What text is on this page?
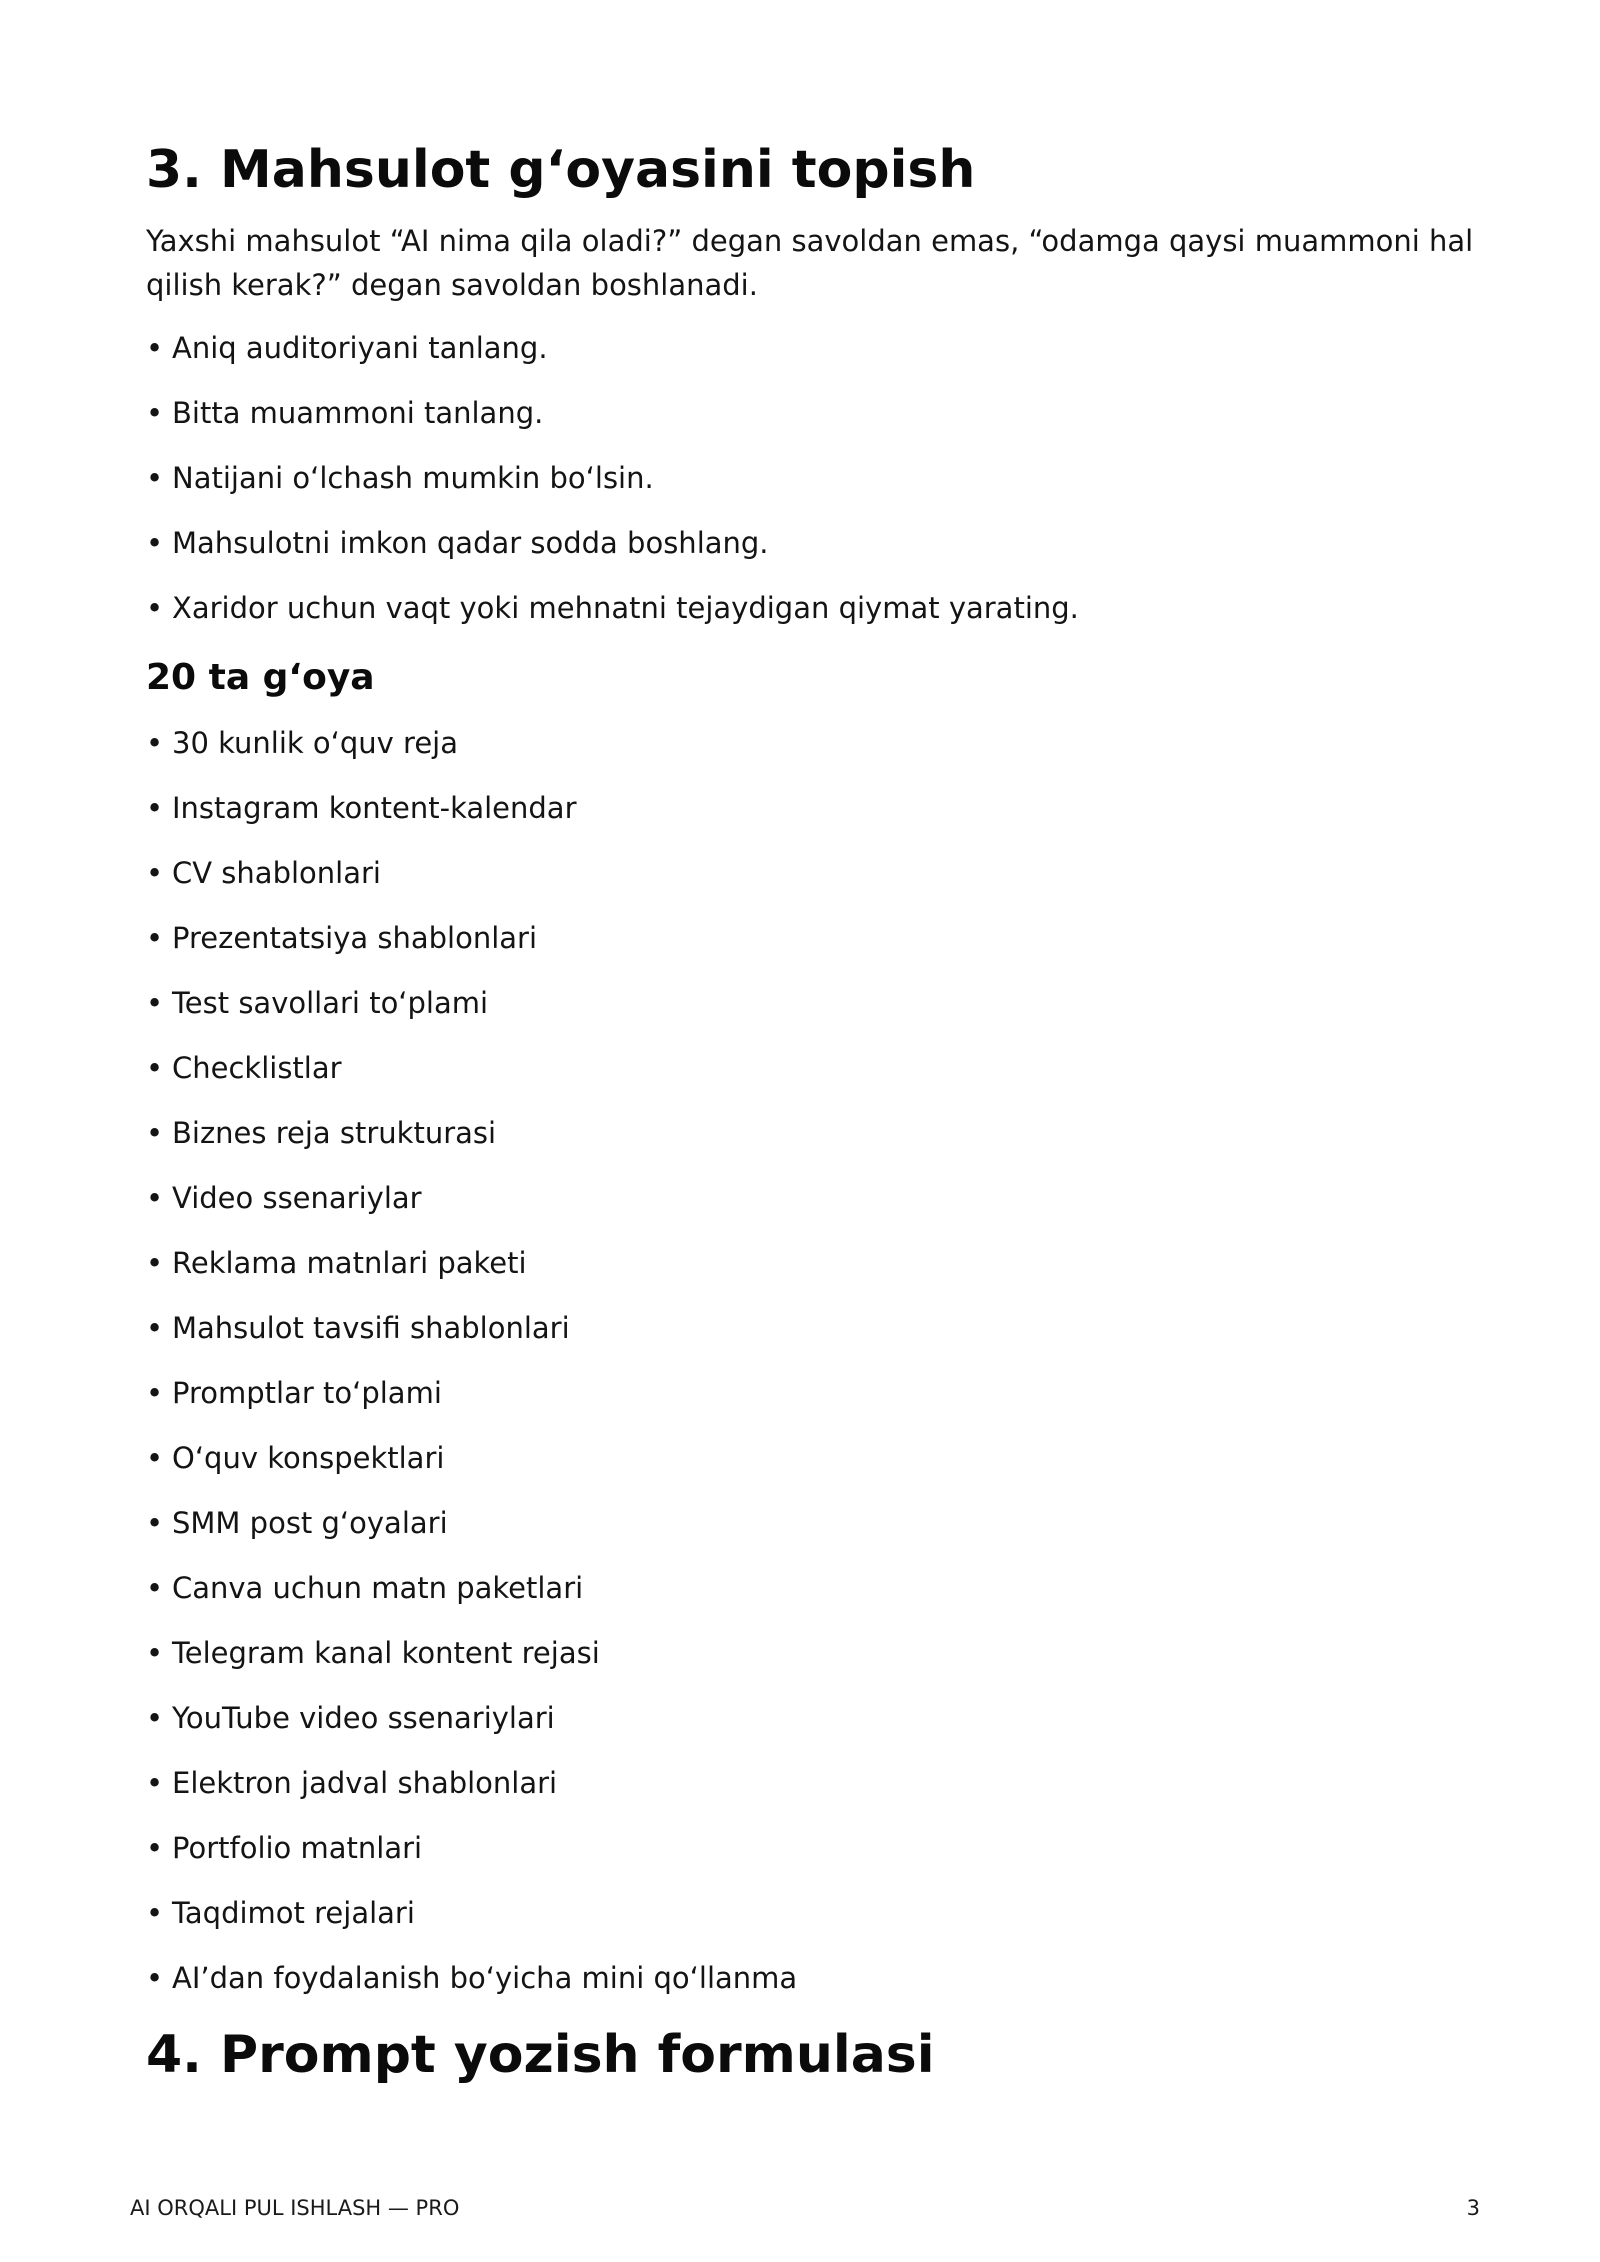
3. Mahsulot g‘oyasini topish

Yaxshi mahsulot “AI nima qila oladi?” degan savoldan emas, “odamga qaysi muammoni hal qilish kerak?” degan savoldan boshlanadi.

• Aniq auditoriyani tanlang.
• Bitta muammoni tanlang.
• Natijani o‘lchash mumkin bo‘lsin.
• Mahsulotni imkon qadar sodda boshlang.
• Xaridor uchun vaqt yoki mehnatni tejaydigan qiymat yarating.
20 ta g‘oya
• 30 kunlik o‘quv reja
• Instagram kontent-kalendar
• CV shablonlari
• Prezentatsiya shablonlari
• Test savollari to‘plami
• Checklistlar
• Biznes reja strukturasi
• Video ssenariylar
• Reklama matnlari paketi
• Mahsulot tavsifi shablonlari
• Promptlar to‘plami
• O‘quv konspektlari
• SMM post g‘oyalari
• Canva uchun matn paketlari
• Telegram kanal kontent rejasi
• YouTube video ssenariylari
• Elektron jadval shablonlari
• Portfolio matnlari
• Taqdimot rejalari
• AI’dan foydalanish bo‘yicha mini qo‘llanma
4. Prompt yozish formulasi
AI ORQALI PUL ISHLASH — PRO	3
